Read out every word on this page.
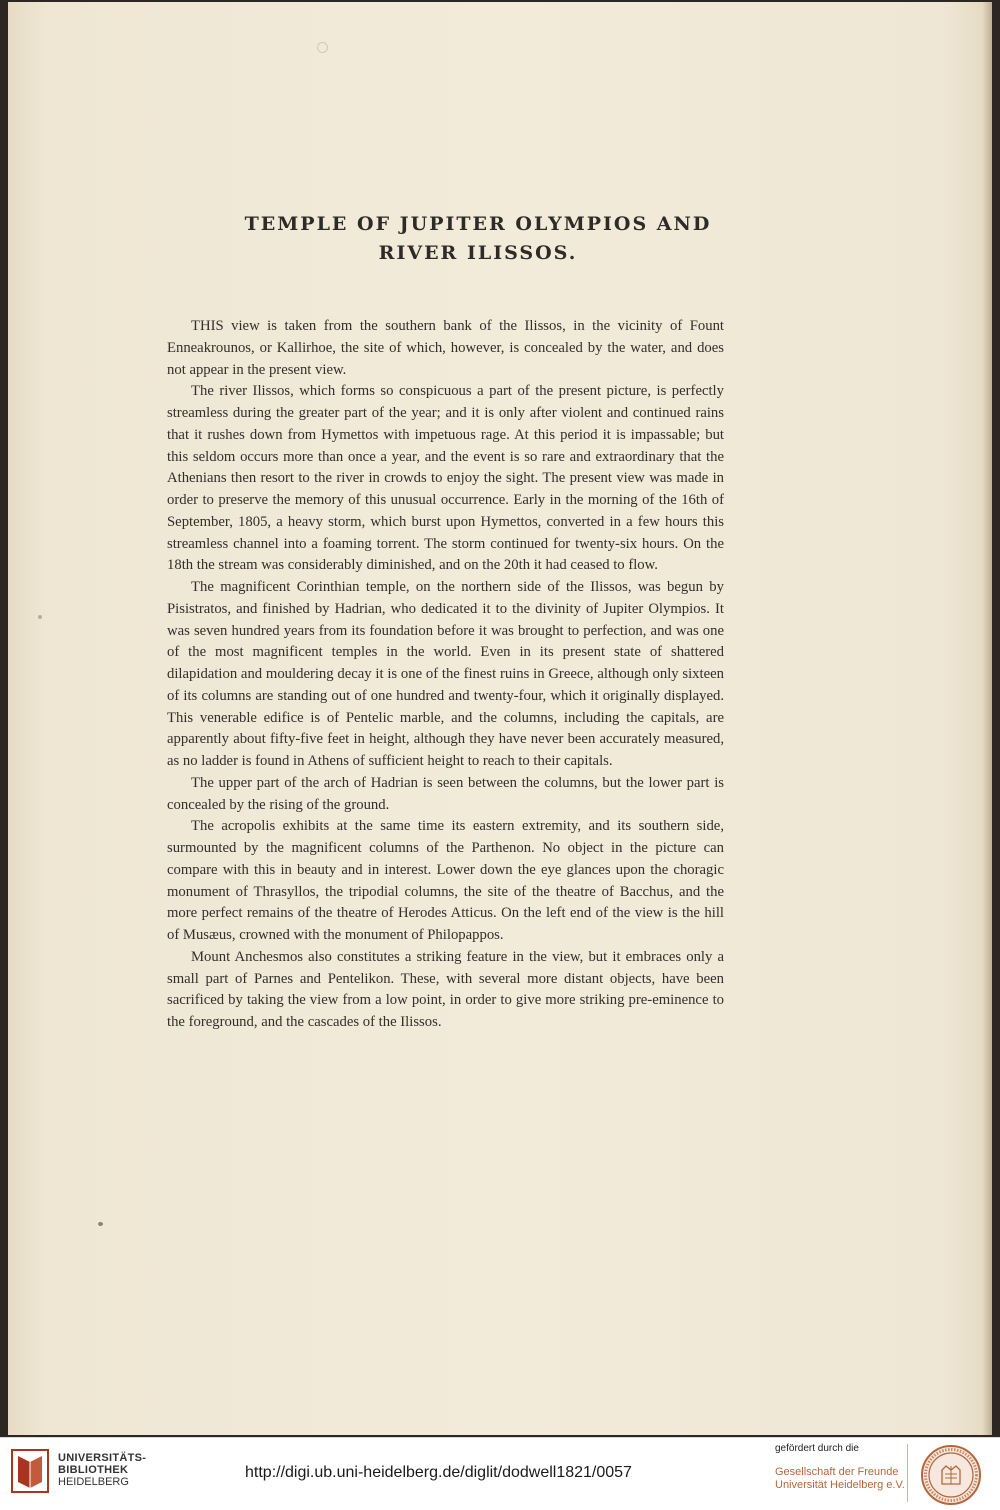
TEMPLE OF JUPITER OLYMPIOS AND
RIVER ILISSOS.

THIS view is taken from the southern bank of the Ilissos, in the vicinity of Fount Enneakrounos, or Kallirhoe, the site of which, however, is concealed by the water, and does not appear in the present view.

The river Ilissos, which forms so conspicuous a part of the present picture, is perfectly streamless during the greater part of the year; and it is only after violent and continued rains that it rushes down from Hymettos with impetuous rage. At this period it is impassable; but this seldom occurs more than once a year, and the event is so rare and extraordinary that the Athenians then resort to the river in crowds to enjoy the sight. The present view was made in order to preserve the memory of this unusual occurrence. Early in the morning of the 16th of September, 1805, a heavy storm, which burst upon Hymettos, converted in a few hours this streamless channel into a foaming torrent. The storm continued for twenty-six hours. On the 18th the stream was considerably diminished, and on the 20th it had ceased to flow.

The magnificent Corinthian temple, on the northern side of the Ilissos, was begun by Pisistratos, and finished by Hadrian, who dedicated it to the divinity of Jupiter Olympios. It was seven hundred years from its foundation before it was brought to perfection, and was one of the most magnificent temples in the world. Even in its present state of shattered dilapidation and mouldering decay it is one of the finest ruins in Greece, although only sixteen of its columns are standing out of one hundred and twenty-four, which it originally displayed. This venerable edifice is of Pentelic marble, and the columns, including the capitals, are apparently about fifty-five feet in height, although they have never been accurately measured, as no ladder is found in Athens of sufficient height to reach to their capitals.

The upper part of the arch of Hadrian is seen between the columns, but the lower part is concealed by the rising of the ground.

The acropolis exhibits at the same time its eastern extremity, and its southern side, surmounted by the magnificent columns of the Parthenon. No object in the picture can compare with this in beauty and in interest. Lower down the eye glances upon the choragic monument of Thrasyllos, the tripodial columns, the site of the theatre of Bacchus, and the more perfect remains of the theatre of Herodes Atticus. On the left end of the view is the hill of Musæus, crowned with the monument of Philopappos.

Mount Anchesmos also constitutes a striking feature in the view, but it embraces only a small part of Parnes and Pentelikon. These, with several more distant objects, have been sacrificed by taking the view from a low point, in order to give more striking pre-eminence to the foreground, and the cascades of the Ilissos.

UNIVERSITÄTS-
BIBLIOTHEK
HEIDELBERG
http://digi.ub.uni-heidelberg.de/diglit/dodwell1821/0057
gefördert durch die
Gesellschaft der Freunde
Universität Heidelberg e.V.
